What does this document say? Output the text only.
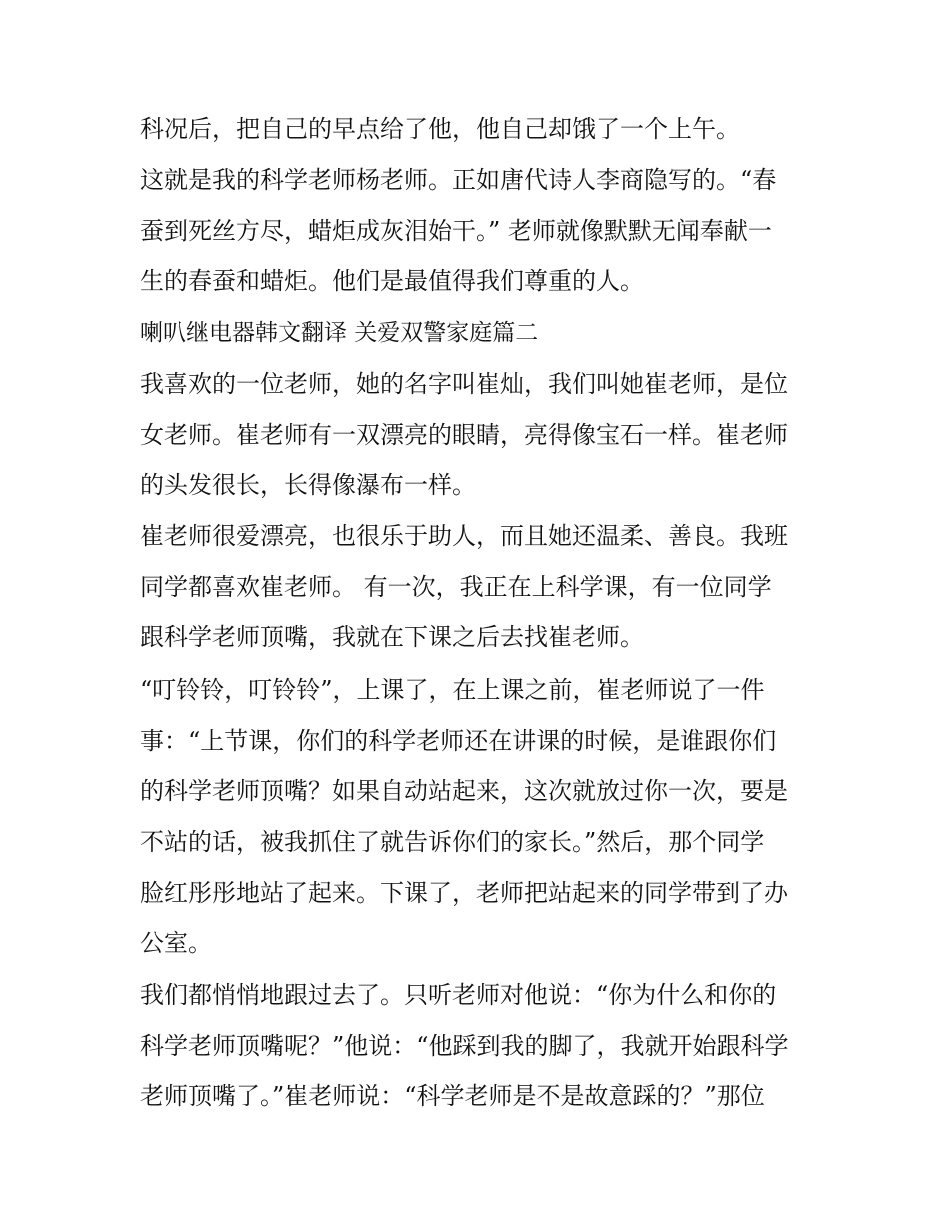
科况后，把自己的早点给了他，他自己却饿了一个上午。
这就是我的科学老师杨老师。正如唐代诗人李商隐写的。“春
蚕到死丝方尽，蜡炬成灰泪始干。” 老师就像默默无闻奉献一
生的春蚕和蜡炬。他们是最值得我们尊重的人。
喇叭继电器韩文翻译 关爱双警家庭篇二
我喜欢的一位老师，她的名字叫崔灿，我们叫她崔老师，是位
女老师。崔老师有一双漂亮的眼睛，亮得像宝石一样。崔老师
的头发很长，长得像瀑布一样。
崔老师很爱漂亮，也很乐于助人，而且她还温柔、善良。我班
同学都喜欢崔老师。 有一次，我正在上科学课，有一位同学
跟科学老师顶嘴，我就在下课之后去找崔老师。
“叮铃铃，叮铃铃”，上课了，在上课之前，崔老师说了一件
事：“上节课，你们的科学老师还在讲课的时候，是谁跟你们
的科学老师顶嘴？如果自动站起来，这次就放过你一次，要是
不站的话，被我抓住了就告诉你们的家长。”然后，那个同学
脸红彤彤地站了起来。下课了，老师把站起来的同学带到了办
公室。
我们都悄悄地跟过去了。只听老师对他说：“你为什么和你的
科学老师顶嘴呢？”他说：“他踩到我的脚了，我就开始跟科学
老师顶嘴了。”崔老师说：“科学老师是不是故意踩的？”那位
